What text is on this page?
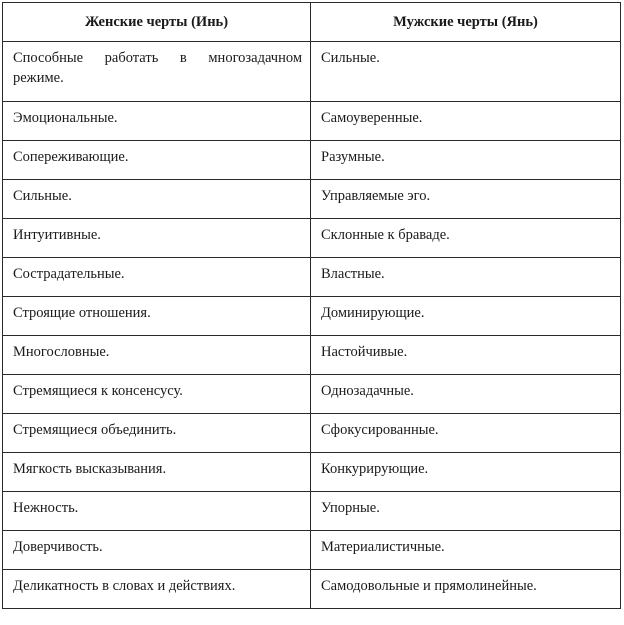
Женские черты (Инь)	Мужские черты (Янь)
Способные работать в многозадачном режиме.	Сильные.
Эмоциональные.	Самоуверенные.
Сопереживающие.	Разумные.
Сильные.	Управляемые эго.
Интуитивные.	Склонные к браваде.
Сострадательные.	Властные.
Строящие отношения.	Доминирующие.
Многословные.	Настойчивые.
Стремящиеся к консенсусу.	Однозадачные.
Стремящиеся объединить.	Сфокусированные.
Мягкость высказывания.	Конкурирующие.
Нежность.	Упорные.
Доверчивость.	Материалистичные.
Деликатность в словах и действиях.	Самодовольные и прямолинейные.
